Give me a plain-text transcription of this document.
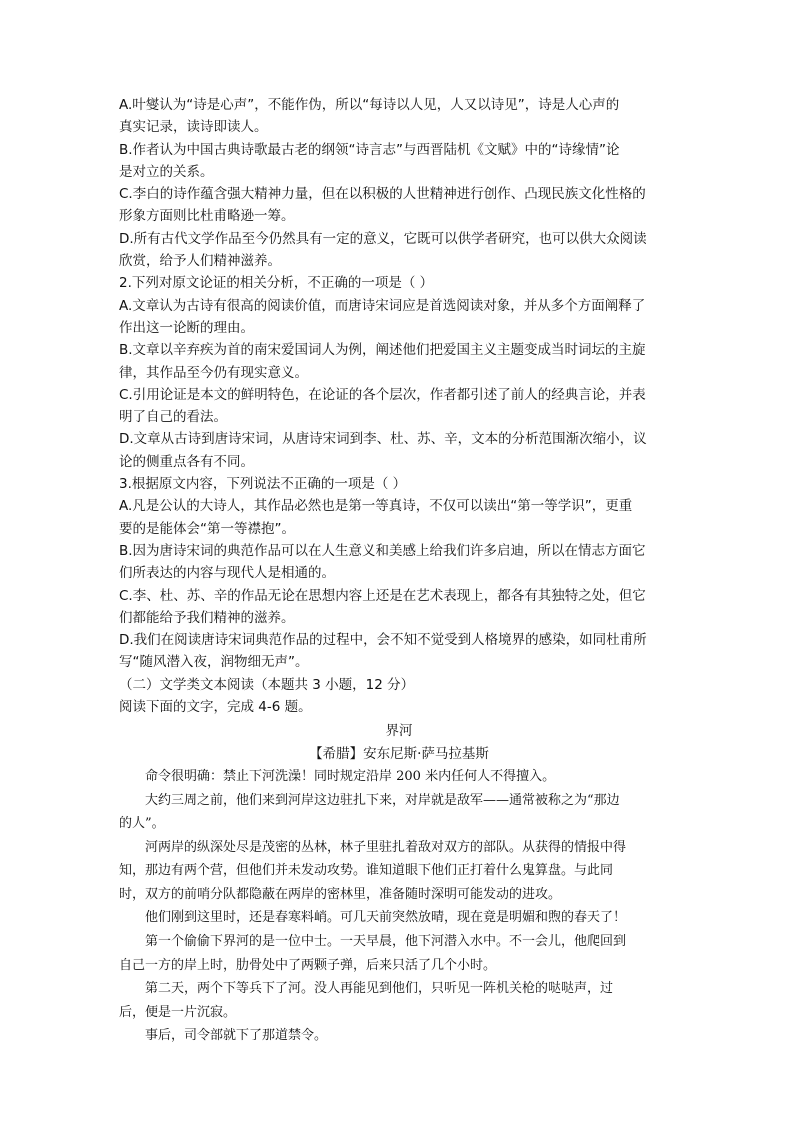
A.叶燮认为“诗是心声”，不能作伪，所以“每诗以人见，人又以诗见”，诗是人心声的
真实记录，读诗即读人。
B.作者认为中国古典诗歌最古老的纲领“诗言志”与西晋陆机《文赋》中的“诗缘情”论
是对立的关系。
C.李白的诗作蕴含强大精神力量，但在以积极的人世精神进行创作、凸现民族文化性格的
形象方面则比杜甫略逊一筹。
D.所有古代文学作品至今仍然具有一定的意义，它既可以供学者研究，也可以供大众阅读
欣赏，给予人们精神滋养。
2.下列对原文论证的相关分析，不正确的一项是（ ）
A.文章认为古诗有很高的阅读价值，而唐诗宋词应是首选阅读对象，并从多个方面阐释了
作出这一论断的理由。
B.文章以辛弃疾为首的南宋爱国词人为例，阐述他们把爱国主义主题变成当时词坛的主旋
律，其作品至今仍有现实意义。
C.引用论证是本文的鲜明特色，在论证的各个层次，作者都引述了前人的经典言论，并表
明了自己的看法。
D.文章从古诗到唐诗宋词，从唐诗宋词到李、杜、苏、辛，文本的分析范围渐次缩小，议
论的侧重点各有不同。
3.根据原文内容，下列说法不正确的一项是（ ）
A.凡是公认的大诗人，其作品必然也是第一等真诗，不仅可以读出“第一等学识”，更重
要的是能体会“第一等襟抱”。
B.因为唐诗宋词的典范作品可以在人生意义和美感上给我们许多启迪，所以在情志方面它
们所表达的内容与现代人是相通的。
C.李、杜、苏、辛的作品无论在思想内容上还是在艺术表现上，都各有其独特之处，但它
们都能给予我们精神的滋养。
D.我们在阅读唐诗宋词典范作品的过程中，会不知不觉受到人格境界的感染，如同杜甫所
写“随风潜入夜，润物细无声”。
（二）文学类文本阅读（本题共 3 小题，12 分）
阅读下面的文字，完成 4-6 题。
界河
【希腊】安东尼斯·萨马拉基斯
命令很明确：禁止下河洗澡！同时规定沿岸 200 米内任何人不得擅入。
大约三周之前，他们来到河岸这边驻扎下来，对岸就是敌军——通常被称之为“那边
的人”。
河两岸的纵深处尽是茂密的丛林，林子里驻扎着敌对双方的部队。从获得的情报中得
知，那边有两个营，但他们并未发动攻势。谁知道眼下他们正打着什么鬼算盘。与此同
时，双方的前哨分队都隐蔽在两岸的密林里，准备随时深明可能发动的进攻。
他们刚到这里时，还是春寒料峭。可几天前突然放晴，现在竟是明媚和煦的春天了！
第一个偷偷下界河的是一位中士。一天早晨，他下河潜入水中。不一会儿，他爬回到
自己一方的岸上时，肋骨处中了两颗子弹，后来只活了几个小时。
第二天，两个下等兵下了河。没人再能见到他们，只听见一阵机关枪的哒哒声，过
后，便是一片沉寂。
事后，司令部就下了那道禁令。
